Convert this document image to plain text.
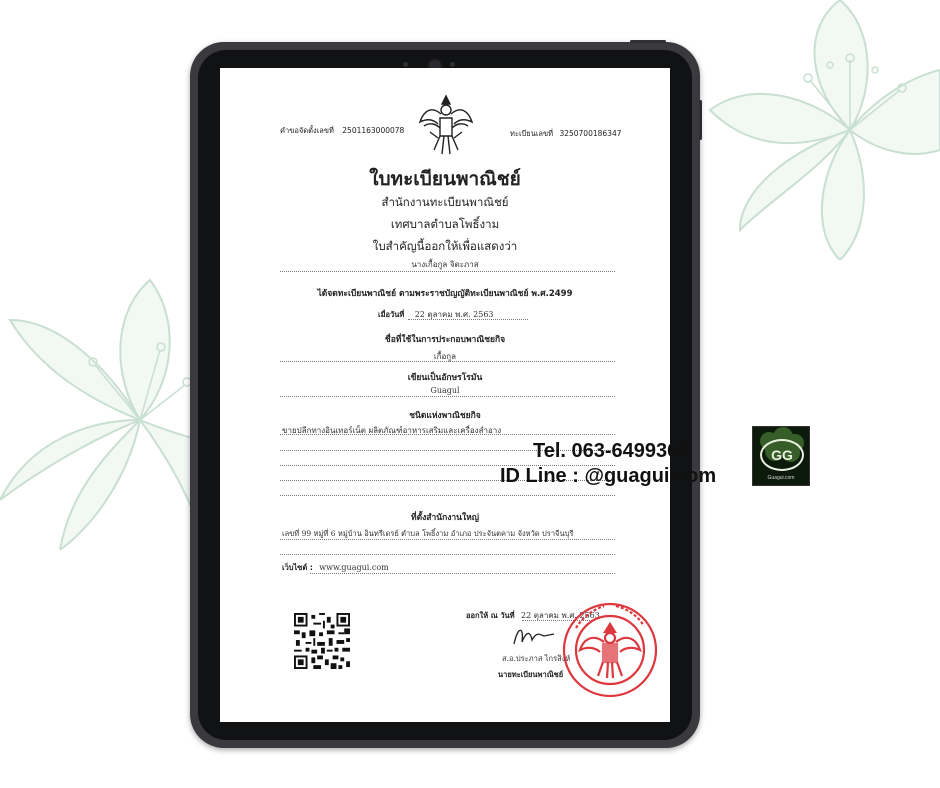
คำขอจัดตั้งเลขที่ 2501163000078	ทะเบียนเลขที่ 3250700186347
ใบทะเบียนพาณิชย์
สำนักงานทะเบียนพาณิชย์
เทศบาลตำบลโพธิ์งาม
ใบสำคัญนี้ออกให้เพื่อแสดงว่า
นางเกื้อกูล จิตะภาส
ได้จดทะเบียนพาณิชย์ ตามพระราชบัญญัติทะเบียนพาณิชย์ พ.ศ.2499
เมื่อวันที่ 22 ตุลาคม พ.ศ. 2563
ชื่อที่ใช้ในการประกอบพาณิชยกิจ
เกื้อกูล
เขียนเป็นอักษรโรมัน
Guagul
ชนิดแห่งพาณิชยกิจ
ขายปลีกทางอินเทอร์เน็ต ผลิตภัณฑ์อาหารเสริมและเครื่องสำอาง
ที่ตั้งสำนักงานใหญ่
เลขที่ 99 หมู่ที่ 6 หมู่บ้าน อินทรีเดรย์ ตำบล โพธิ์งาม อำเภอ ประจันตคาม จังหวัด ปราจีนบุรี
เว็บไซต์ : www.guagui.com
ออกให้ ณ วันที่ 22 ตุลาคม พ.ศ. 2563
ส.อ.ประภาส ไกรสิงห์
นายทะเบียนพาณิชย์
Tel. 063-6499363
ID Line : @guagui.com
GG
Guagui.com
